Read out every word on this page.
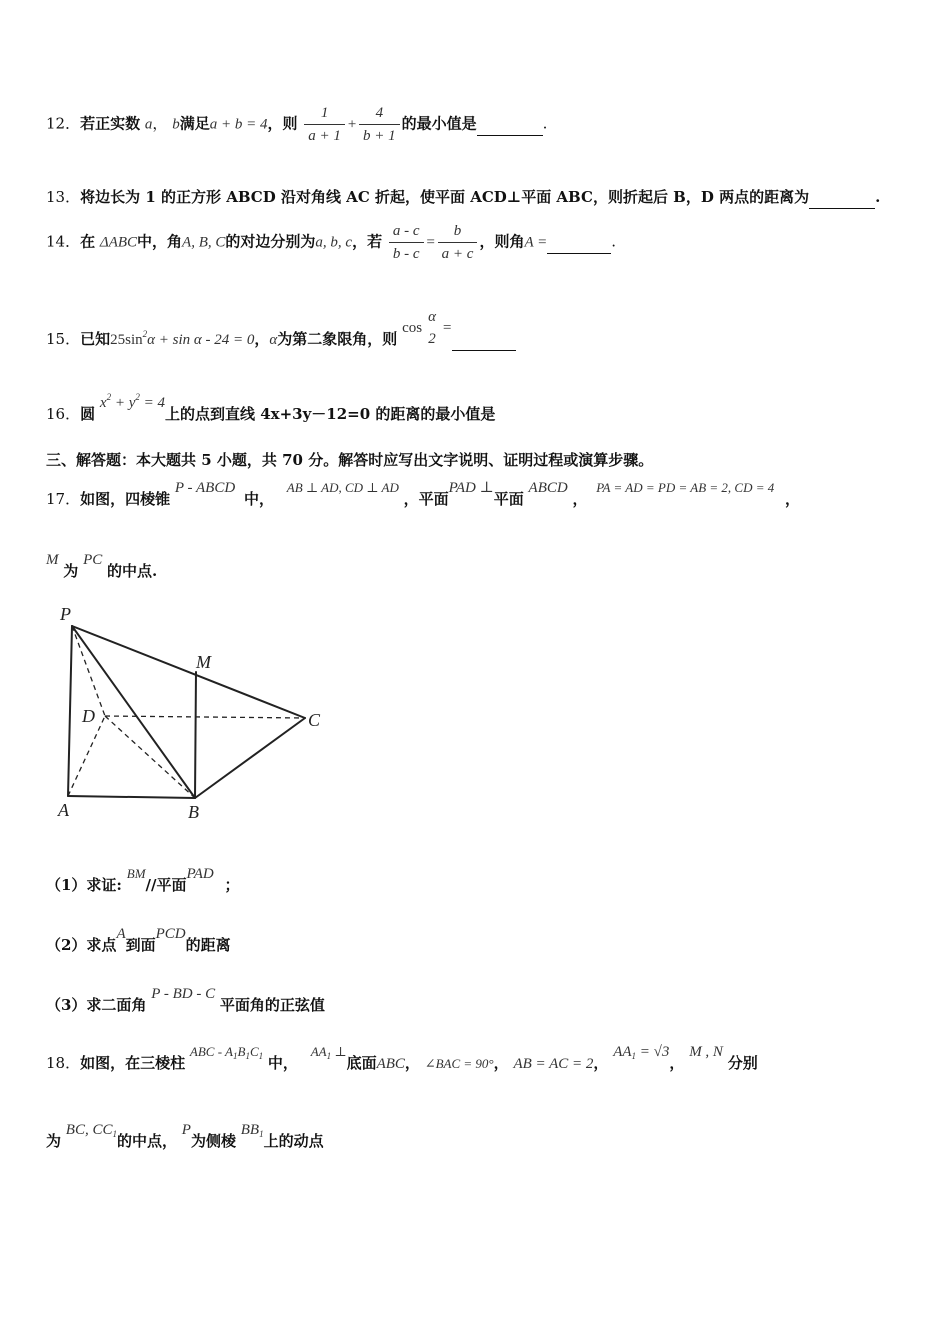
12．若正实数 a， b满足a + b = 4，则 $\frac{1}{a + 1} + \frac{4}{b + 1}$ 的最小值是	.
13．将边长为 1 的正方形 ABCD 沿对角线 AC 折起，使平面 ACD⊥平面 ABC，则折起后 B，D 两点的距离为	.
14．在 ΔABC中，角A, B, C的对边分别为a, b, c，若 $\frac{a - c}{b - c} = \frac{b}{a + c}$ ，则角A =	.
15．已知$25\sin^2\alpha + \sin \alpha - 24 = 0$，α为第二象限角，则 cos
α
2
=
16．圆 $x^2 + y^2 = 4$上的点到直线 4x+3y－12=0 的距离的最小值是
三、解答题：本大题共 5 小题，共 70 分。解答时应写出文字说明、证明过程或演算步骤。
17．如图，四棱锥 P - ABCD 中， AB ⊥ AD, CD ⊥ AD ，平面PAD ⊥平面 ABCD ， PA = AD = PD = AB = 2, CD = 4 ，
M 为 PC 的中点.
P
M
D	C
A	B
（1）求证: BM//平面PAD ；
（2）求点A到面PCD的距离
（3）求二面角 P - BD - C 平面角的正弦值
18．如图，在三棱柱 ABC - $A_1B_1C_1$ 中， $AA_1$ ⊥底面ABC， ∠BAC = 90°， AB = AC = 2， $AA_1 = √3$， M , N 分别
为 BC, $CC_1$的中点， P为侧棱 $BB_1$上的动点
